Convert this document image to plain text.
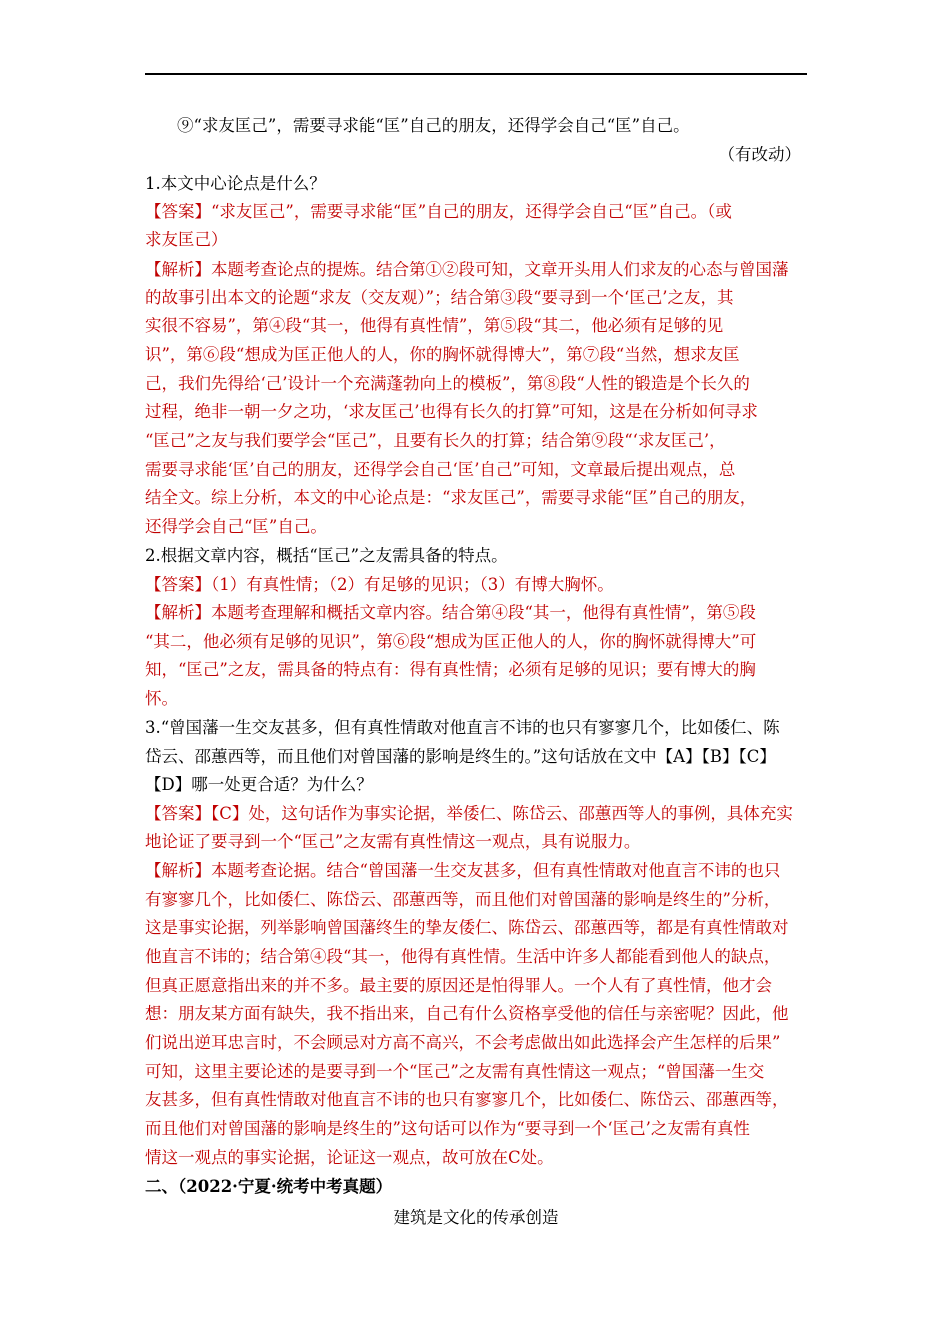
⑨“求友匡己”，需要寻求能“匡”自己的朋友，还得学会自己“匡”自己。
（有改动）
1.本文中心论点是什么？
【答案】“求友匡己”，需要寻求能“匡”自己的朋友，还得学会自己“匡”自己。（或
求友匡己）
【解析】本题考查论点的提炼。结合第①②段可知，文章开头用人们求友的心态与曾国藩
的故事引出本文的论题“求友（交友观）”；结合第③段“要寻到一个‘匡己’之友，其
实很不容易”，第④段“其一，他得有真性情”，第⑤段“其二，他必须有足够的见
识”，第⑥段“想成为匡正他人的人，你的胸怀就得博大”，第⑦段“当然，想求友匡
己，我们先得给‘己’设计一个充满蓬勃向上的模板”，第⑧段“人性的锻造是个长久的
过程，绝非一朝一夕之功，‘求友匡己’也得有长久的打算”可知，这是在分析如何寻求
“匡己”之友与我们要学会“匡己”，且要有长久的打算；结合第⑨段“‘求友匡己’，
需要寻求能‘匡’自己的朋友，还得学会自己‘匡’自己”可知，文章最后提出观点，总
结全文。综上分析，本文的中心论点是：“求友匡己”，需要寻求能“匡”自己的朋友，
还得学会自己“匡”自己。
2.根据文章内容，概括“匡己”之友需具备的特点。
【答案】（1）有真性情；（2）有足够的见识；（3）有博大胸怀。
【解析】本题考查理解和概括文章内容。结合第④段“其一，他得有真性情”，第⑤段
“其二，他必须有足够的见识”，第⑥段“想成为匡正他人的人，你的胸怀就得博大”可
知，“匡己”之友，需具备的特点有：得有真性情；必须有足够的见识；要有博大的胸
怀。
3.“曾国藩一生交友甚多，但有真性情敢对他直言不讳的也只有寥寥几个，比如倭仁、陈
岱云、邵蕙西等，而且他们对曾国藩的影响是终生的。”这句话放在文中【A】【B】【C】
【D】哪一处更合适？为什么？
【答案】【C】处，这句话作为事实论据，举倭仁、陈岱云、邵蕙西等人的事例，具体充实
地论证了要寻到一个“匡己”之友需有真性情这一观点，具有说服力。
【解析】本题考查论据。结合“曾国藩一生交友甚多，但有真性情敢对他直言不讳的也只
有寥寥几个，比如倭仁、陈岱云、邵蕙西等，而且他们对曾国藩的影响是终生的”分析，
这是事实论据，列举影响曾国藩终生的挚友倭仁、陈岱云、邵蕙西等，都是有真性情敢对
他直言不讳的；结合第④段“其一，他得有真性情。生活中许多人都能看到他人的缺点，
但真正愿意指出来的并不多。最主要的原因还是怕得罪人。一个人有了真性情，他才会
想：朋友某方面有缺失，我不指出来，自己有什么资格享受他的信任与亲密呢？因此，他
们说出逆耳忠言时，不会顾忌对方高不高兴，不会考虑做出如此选择会产生怎样的后果”
可知，这里主要论述的是要寻到一个“匡己”之友需有真性情这一观点；“曾国藩一生交
友甚多，但有真性情敢对他直言不讳的也只有寥寥几个，比如倭仁、陈岱云、邵蕙西等，
而且他们对曾国藩的影响是终生的”这句话可以作为“要寻到一个‘匡己’之友需有真性
情这一观点的事实论据，论证这一观点，故可放在C处。
二、（2022·宁夏·统考中考真题）
建筑是文化的传承创造
